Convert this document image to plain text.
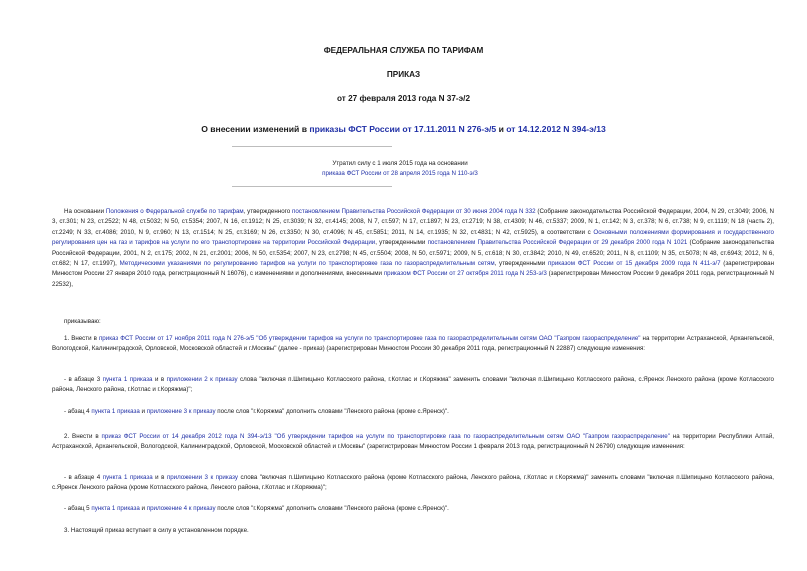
ФЕДЕРАЛЬНАЯ СЛУЖБА ПО ТАРИФАМ
ПРИКАЗ
от 27 февраля 2013 года N 37-э/2
О внесении изменений в приказы ФСТ России от 17.11.2011 N 276-э/5 и от 14.12.2012 N 394-э/13
Утратил силу с 1 июля 2015 года на основании
приказа ФСТ России от 28 апреля 2015 года N 110-э/3
На основании Положения о Федеральной службе по тарифам, утвержденного постановлением Правительства Российской Федерации от 30 июня 2004 года N 332 (Собрание законодательства Российской Федерации, 2004, N 29, ст.3049; 2006, N 3, ст.301; N 23, ст.2522; N 48, ст.5032; N 50, ст.5354; 2007, N 16, ст.1912; N 25, ст.3039; N 32, ст.4145; 2008, N 7, ст.597; N 17, ст.1897; N 23, ст.2719; N 38, ст.4309; N 46, ст.5337; 2009, N 1, ст.142; N 3, ст.378; N 6, ст.738; N 9, ст.1119; N 18 (часть 2), ст.2249; N 33, ст.4086; 2010, N 9, ст.960; N 13, ст.1514; N 25, ст.3169; N 26, ст.3350; N 30, ст.4096; N 45, ст.5851; 2011, N 14, ст.1935; N 32, ст.4831; N 42, ст.5925), в соответствии с Основными положениями формирования и государственного регулирования цен на газ и тарифов на услуги по его транспортировке на территории Российской Федерации, утвержденными постановлением Правительства Российской Федерации от 29 декабря 2000 года N 1021 (Собрание законодательства Российской Федерации, 2001, N 2, ст.175; 2002, N 21, ст.2001; 2006, N 50, ст.5354; 2007, N 23, ст.2798; N 45, ст.5504; 2008, N 50, ст.5971; 2009, N 5, ст.618; N 30, ст.3842; 2010, N 49, ст.6520; 2011, N 8, ст.1109; N 35, ст.5078; N 48, ст.6943; 2012, N 6, ст.682; N 17, ст.1997), Методическими указаниями по регулированию тарифов на услуги по транспортировке газа по газораспределительным сетям, утвержденными приказом ФСТ России от 15 декабря 2009 года N 411-э/7 (зарегистрирован Минюстом России 27 января 2010 года, регистрационный N 16076), с изменениями и дополнениями, внесенными приказом ФСТ России от 27 октября 2011 года N 253-э/3 (зарегистрирован Минюстом России 9 декабря 2011 года, регистрационный N 22532),
приказываю:
1. Внести в приказ ФСТ России от 17 ноября 2011 года N 276-э/5 "Об утверждении тарифов на услуги по транспортировке газа по газораспределительным сетям ОАО "Газпром газораспределение" на территории Астраханской, Архангельской, Вологодской, Калининградской, Орловской, Московской областей и г.Москвы" (далее - приказ) (зарегистрирован Минюстом России 30 декабря 2011 года, регистрационный N 22887) следующие изменения:
- в абзаце 3 пункта 1 приказа и в приложении 2 к приказу слова "включая п.Шипицыно Котласского района, г.Котлас и г.Коряжма" заменить словами "включая п.Шипицыно Котласского района, с.Яренск Ленского района (кроме Котласского района, Ленского района, г.Котлас и г.Коряжма)";
- абзац 4 пункта 1 приказа и приложение 3 к приказу после слов "г.Коряжма" дополнить словами "Ленского района (кроме с.Яренск)".
2. Внести в приказ ФСТ России от 14 декабря 2012 года N 394-э/13 "Об утверждении тарифов на услуги по транспортировке газа по газораспределительным сетям ОАО "Газпром газораспределение" на территории Республики Алтай, Астраханской, Архангельской, Вологодской, Калининградской, Орловской, Московской областей и г.Москвы" (зарегистрирован Минюстом России 1 февраля 2013 года, регистрационный N 26790) следующие изменения:
- в абзаце 4 пункта 1 приказа и в приложении 3 к приказу слова "включая п.Шипицыно Котласского района (кроме Котласского района, Ленского района, г.Котлас и г.Коряжма)" заменить словами "включая п.Шипицыно Котласского района, с.Яренск Ленского района (кроме Котласского района, Ленского района, г.Котлас и г.Коряжма)";
- абзац 5 пункта 1 приказа и приложение 4 к приказу после слов "г.Коряжма" дополнить словами "Ленского района (кроме с.Яренск)".
3. Настоящий приказ вступает в силу в установленном порядке.
